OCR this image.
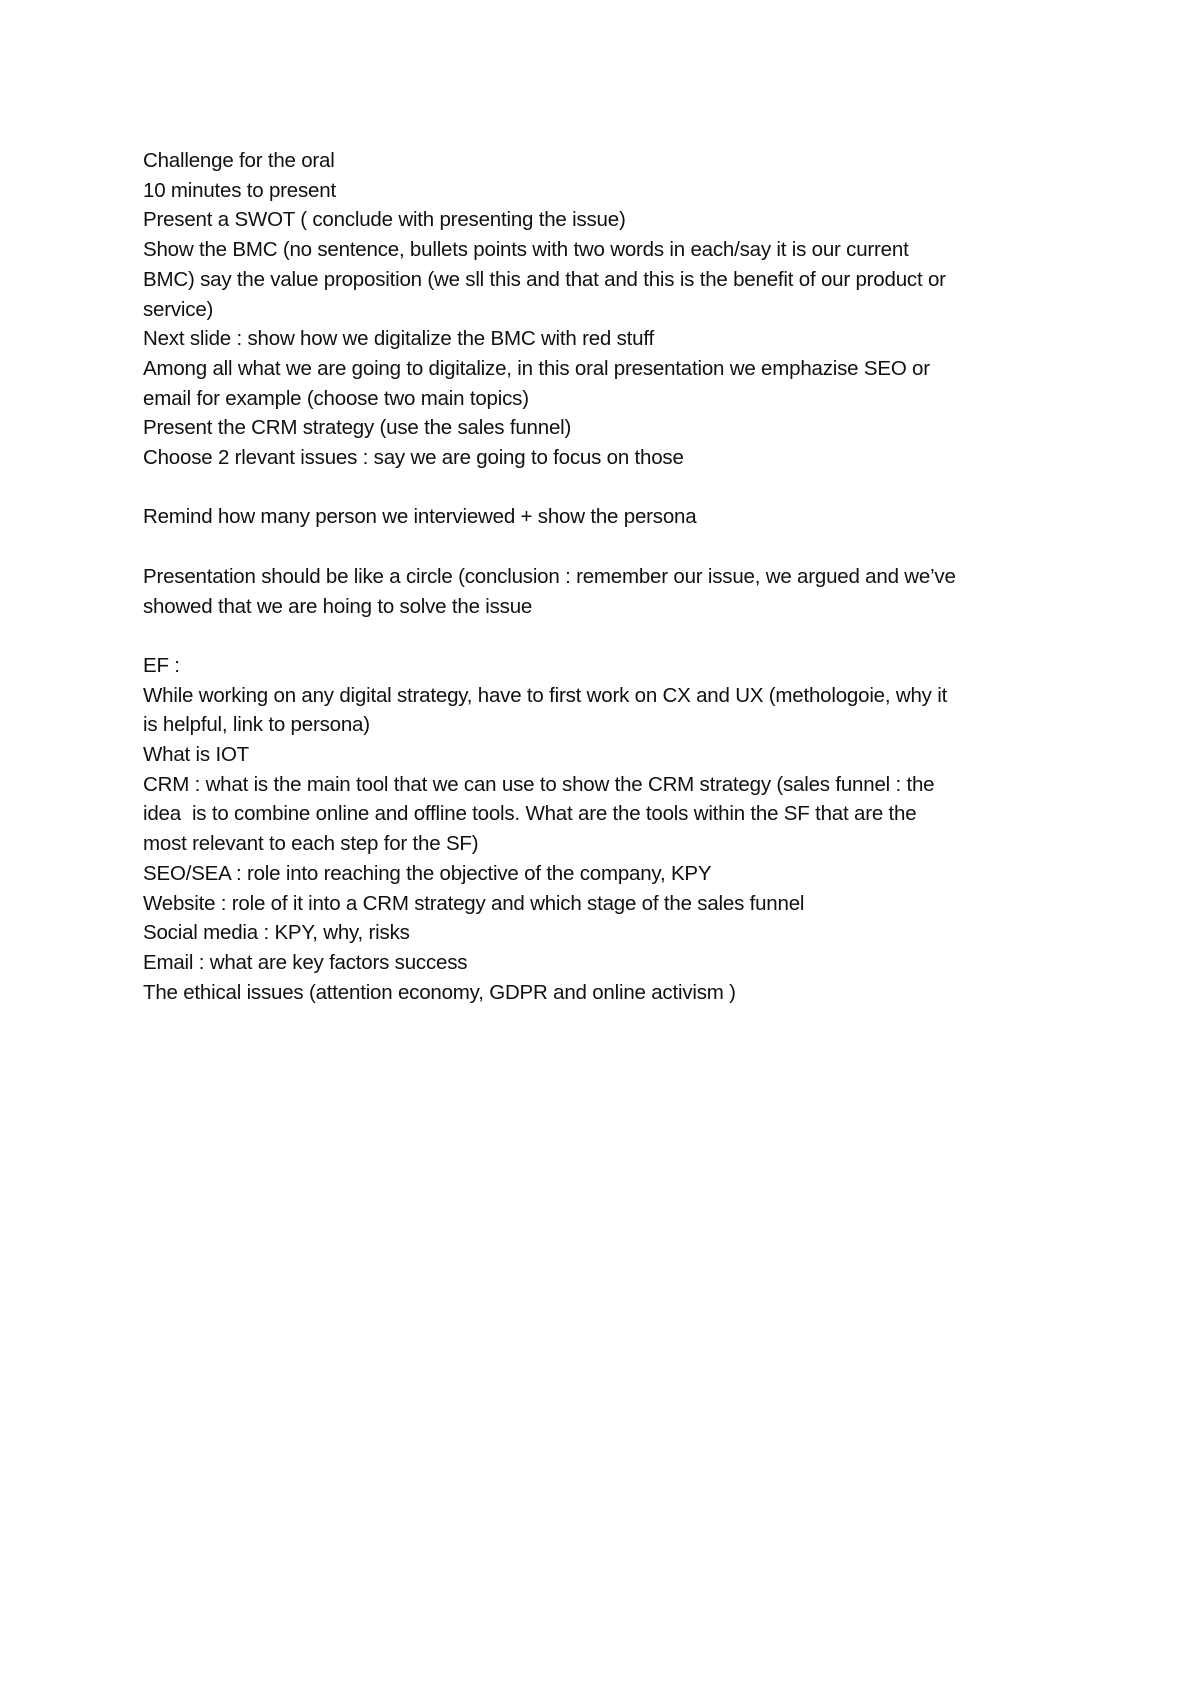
Challenge for the oral
10 minutes to present
Present a SWOT ( conclude with presenting the issue)
Show the BMC (no sentence, bullets points with two words in each/say it is our current
BMC) say the value proposition (we sll this and that and this is the benefit of our product or
service)
Next slide : show how we digitalize the BMC with red stuff
Among all what we are going to digitalize, in this oral presentation we emphazise SEO or
email for example (choose two main topics)
Present the CRM strategy (use the sales funnel)
Choose 2 rlevant issues : say we are going to focus on those
Remind how many person we interviewed + show the persona
Presentation should be like a circle (conclusion : remember our issue, we argued and we’ve
showed that we are hoing to solve the issue
EF :
While working on any digital strategy, have to first work on CX and UX (methologoie, why it
is helpful, link to persona)
What is IOT
CRM : what is the main tool that we can use to show the CRM strategy (sales funnel : the
idea  is to combine online and offline tools. What are the tools within the SF that are the
most relevant to each step for the SF)
SEO/SEA : role into reaching the objective of the company, KPY
Website : role of it into a CRM strategy and which stage of the sales funnel
Social media : KPY, why, risks
Email : what are key factors success
The ethical issues (attention economy, GDPR and online activism )
